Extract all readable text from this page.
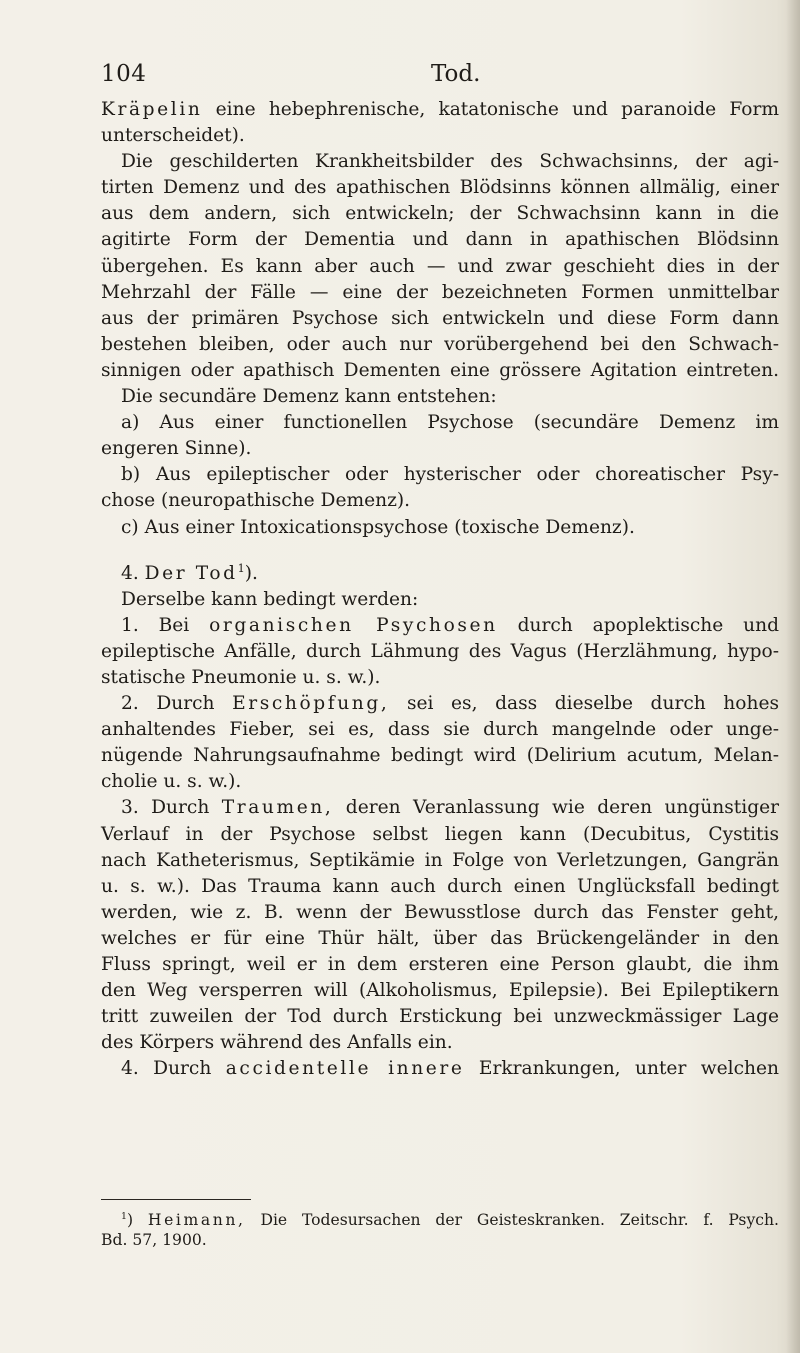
104	Tod.
Kräpelin eine hebephrenische, katatonische und paranoide Form
unterscheidet).
Die geschilderten Krankheitsbilder des Schwachsinns, der agi-
tirten Demenz und des apathischen Blödsinns können allmälig, einer
aus dem andern, sich entwickeln; der Schwachsinn kann in die
agitirte Form der Dementia und dann in apathischen Blödsinn
übergehen. Es kann aber auch — und zwar geschieht dies in der
Mehrzahl der Fälle — eine der bezeichneten Formen unmittelbar
aus der primären Psychose sich entwickeln und diese Form dann
bestehen bleiben, oder auch nur vorübergehend bei den Schwach-
sinnigen oder apathisch Dementen eine grössere Agitation eintreten.
Die secundäre Demenz kann entstehen:
a) Aus einer functionellen Psychose (secundäre Demenz im
engeren Sinne).
b) Aus epileptischer oder hysterischer oder choreatischer Psy-
chose (neuropathische Demenz).
c) Aus einer Intoxicationspsychose (toxische Demenz).
4. Der Tod$^1$).
Derselbe kann bedingt werden:
1. Bei organischen Psychosen durch apoplektische und
epileptische Anfälle, durch Lähmung des Vagus (Herzlähmung, hypo-
statische Pneumonie u. s. w.).
2. Durch Erschöpfung, sei es, dass dieselbe durch hohes
anhaltendes Fieber, sei es, dass sie durch mangelnde oder unge-
nügende Nahrungsaufnahme bedingt wird (Delirium acutum, Melan-
cholie u. s. w.).
3. Durch Traumen, deren Veranlassung wie deren ungünstiger
Verlauf in der Psychose selbst liegen kann (Decubitus, Cystitis
nach Katheterismus, Septikämie in Folge von Verletzungen, Gangrän
u. s. w.). Das Trauma kann auch durch einen Unglücksfall bedingt
werden, wie z. B. wenn der Bewusstlose durch das Fenster geht,
welches er für eine Thür hält, über das Brückengeländer in den
Fluss springt, weil er in dem ersteren eine Person glaubt, die ihm
den Weg versperren will (Alkoholismus, Epilepsie). Bei Epileptikern
tritt zuweilen der Tod durch Erstickung bei unzweckmässiger Lage
des Körpers während des Anfalls ein.
4. Durch accidentelle innere Erkrankungen, unter welchen
$^1$) Heimann, Die Todesursachen der Geisteskranken. Zeitschr. f. Psych.
Bd. 57, 1900.
